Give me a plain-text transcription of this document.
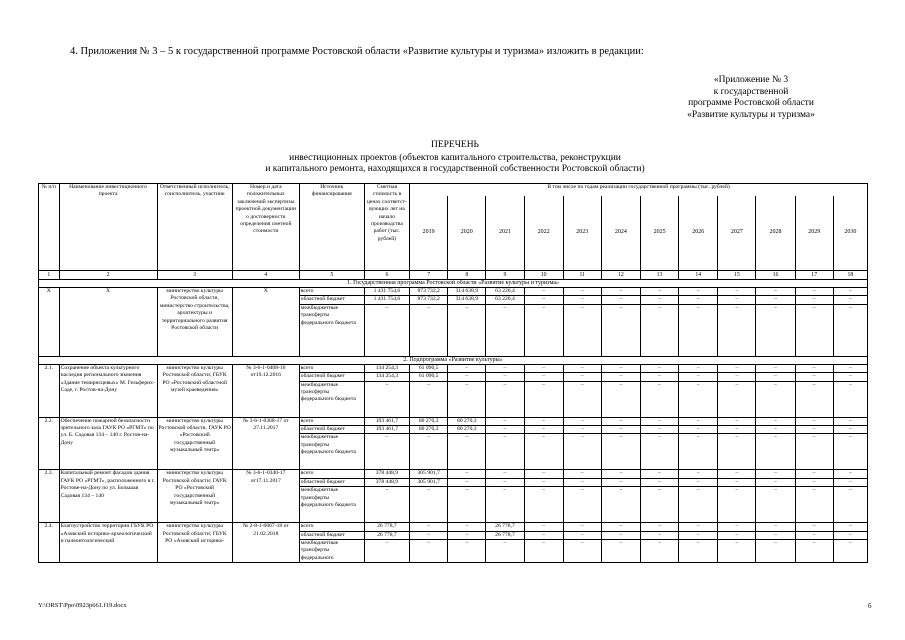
4. Приложения № 3 – 5 к государственной программе Ростовской области «Развитие культуры и туризма» изложить в редакции:
«Приложение № 3
к государственной
программе Ростовской области
«Развитие культуры и туризма»
ПЕРЕЧЕНЬ
инвестиционных проектов (объектов капитального строительства, реконструкции
и капитального ремонта, находящихся в государственной собственности Ростовской области)
№ п/п	Наименование инвестиционного проекта	Ответственный исполнитель, соисполнитель, участник	Номер и дата положительных заключений экспертизы проектной документации о достоверности определения сметной стоимости	Источник финансирования	Сметная стоимость в ценах соответст-вующих лет на начало производства работ (тыс. рублей)	В том числе по годам реализации государственной программы (тыс. рублей)											
						2019	2020	2021	2022	2023	2024	2025	2026	2027	2028	2029	2030
1	2	3	4	5	6	7	8	9	10	11	12	13	14	15	16	17	18
1. Государственная программа Ростовской области «Развитие культуры и туризма»																	
X	X	министерство культуры Ростовской области, министерство строительства, архитектуры и территориального развития Ростовской области	X	всего	1 431 754,6	873 732,2	314 638,9	63 220,4	–	–	–	–	–	–	–	–	–
				областной бюджет	1 431 754,6	873 732,2	314 638,9	63 220,4	–	–	–	–	–	–	–	–	–
				межбюджетные трансферты федерального бюджета	–	–	–	–	–	–	–	–	–	–	–	–	–
2. Подпрограмма «Развитие культуры»																	
2.1.	Сохранение объекта культурного наследия регионального значения «Здание темирнсцевых» М. Гельферих-Саде, г. Ростов-на-Дону	министерство культуры Ростовской области; ГБУК РО «Ростовский областной музей краеведения»	№ 3-6-1-0408-16 от19.12.2016	всего	134 254,3	61 090,5	–	–	–	–	–	–	–	–	–	–	–
				областной бюджет	134 254,3	61 090,5	–	–	–	–	–	–	–	–	–	–	–
				межбюджетные трансферты федерального бюджета	–	–	–	–	–	–	–	–	–	–	–	–	–
2.2.	Обеспечение пожарной безопасности зрительного зала ГАУК РО «РГМТ» по ул. Б. Садовая 134 – 140 г. Ростов-на-Дону	министерство культуры Ростовской области, ГАУК РО «Ростовский государственный музыкальный театр»	№ 3-6-1-0368-17 от 27.11.2017	всего	193 461,7	80 270,3	80 270,3	–	–	–	–	–	–	–	–	–	–
				областной бюджет	193 461,7	80 270,3	80 270,3	–	–	–	–	–	–	–	–	–	–
				межбюджетные трансферты федерального бюджета	–	–	–	–	–	–	–	–	–	–	–	–	–
2.3.	Капитальный ремонт фасадов здания ГАУК РО «РГМТ», расположенного в г. Ростове-на-Дону по ул. Большая Садовая 134 – 140	министерство культуры Ростовской области; ГАУК РО «Ростовский государственный музыкальный театр»	№ 3-6-1-0340-17 от17.11.2017	всего	378 448,9	305 901,7	–	–	–	–	–	–	–	–	–	–	–
				областной бюджет	378 448,9	305 901,7	–	–	–	–	–	–	–	–	–	–	–
				межбюджетные трансферты федерального бюджета	–	–	–	–	–	–	–	–	–	–	–	–	–
2.4.	Благоустройство территории ГБУК РО «Азовский историко-археологический и палеонтологический	министерство культуры Ростовской области; ГБУК РО «Азовский историко-	№ 2-8-1-0067-18 от 21.02.2018	всего	26 778,7	–	–	26 778,7	–	–	–	–	–	–	–	–	–
				областной бюджет	26 778,7	–	–	26 778,7	–	–	–	–	–	–	–	–	–
				межбюджетные трансферты федерального	–	–	–	–	–	–	–	–	–	–	–	–	–
Y:\ORST\Ppo\0923p661.f19.docx	6
